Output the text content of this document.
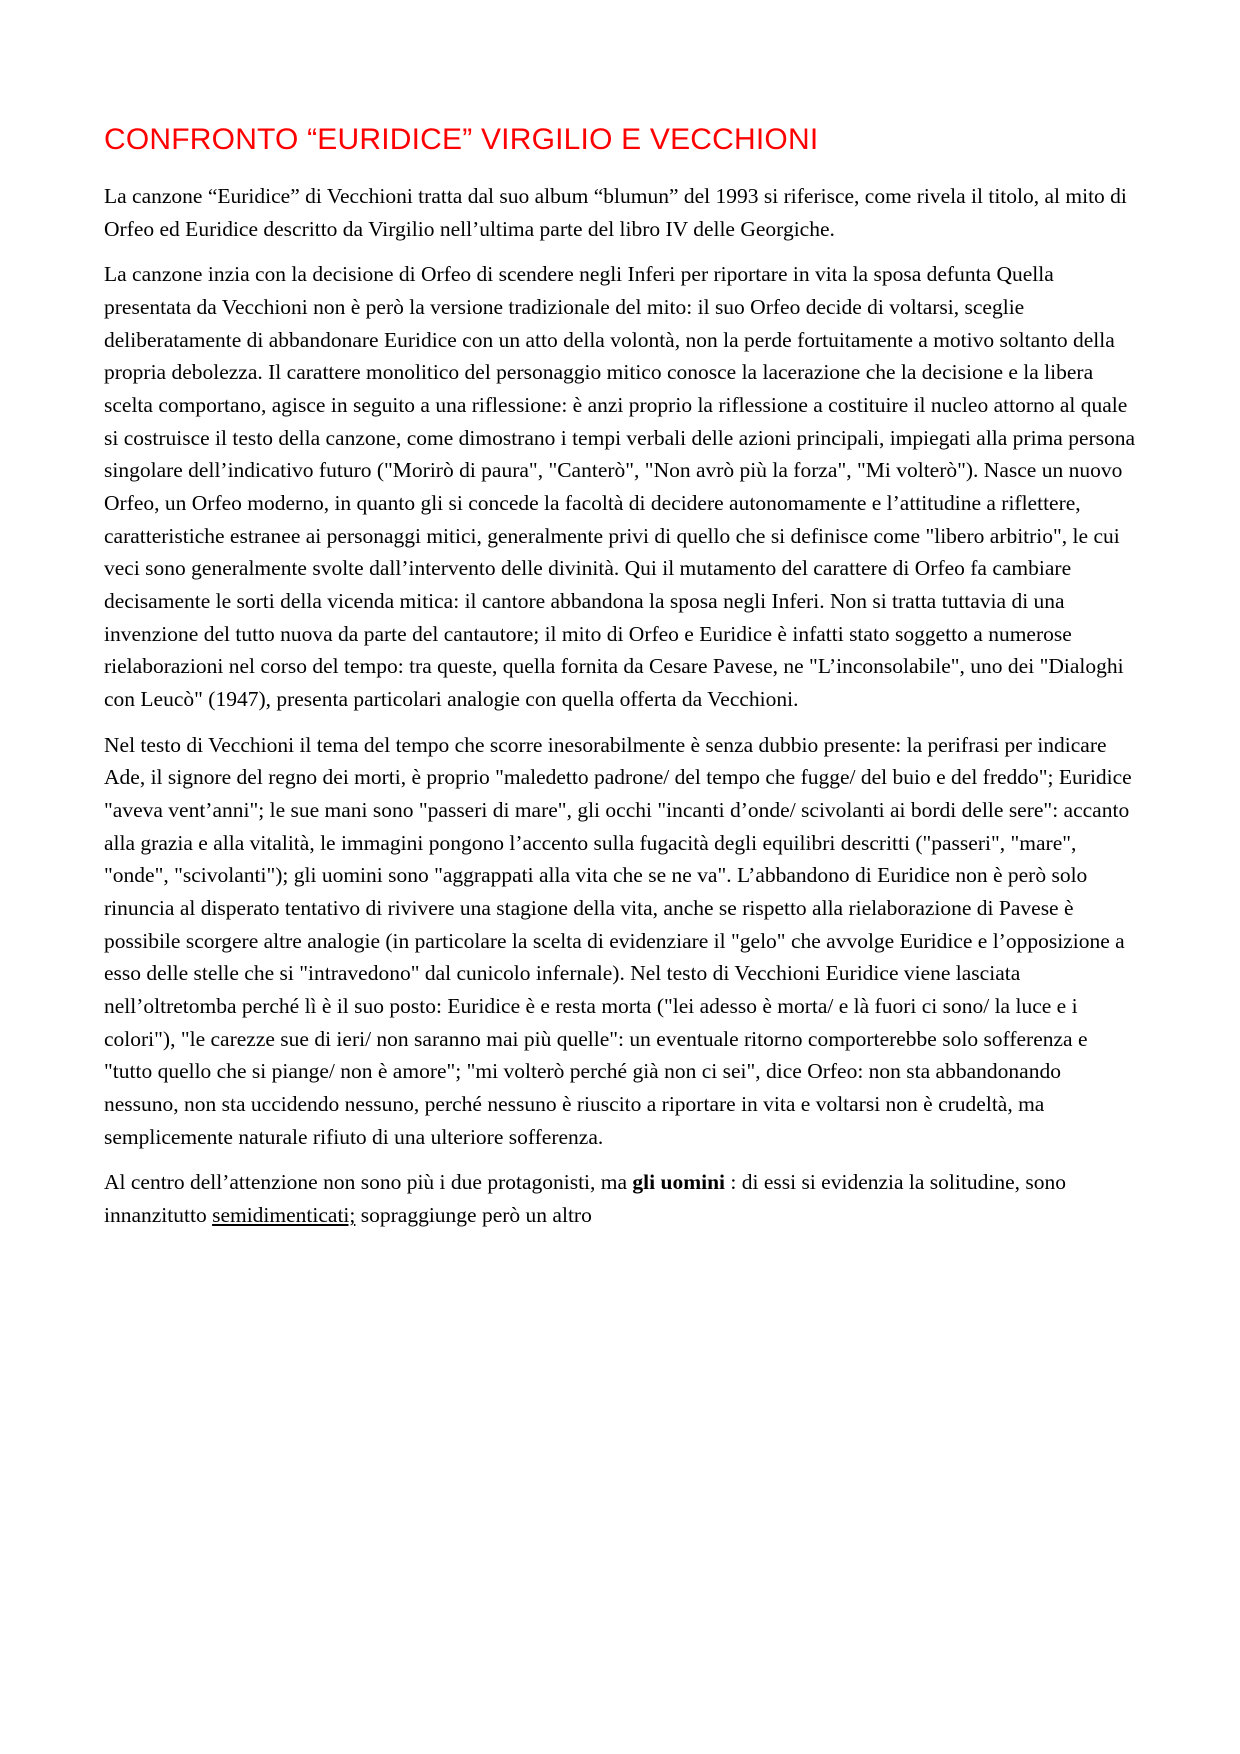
CONFRONTO “EURIDICE” VIRGILIO E VECCHIONI

La canzone “Euridice” di Vecchioni tratta dal suo album “blumun” del 1993 si riferisce, come rivela il titolo, al mito di Orfeo ed Euridice descritto da Virgilio nell’ultima parte del libro IV delle Georgiche.

La canzone inzia con la decisione di Orfeo di scendere negli Inferi per riportare in vita la sposa defunta Quella presentata da Vecchioni non è però la versione tradizionale del mito: il suo Orfeo decide di voltarsi, sceglie deliberatamente di abbandonare Euridice con un atto della volontà, non la perde fortuitamente a motivo soltanto della propria debolezza. Il carattere monolitico del personaggio mitico conosce la lacerazione che la decisione e la libera scelta comportano, agisce in seguito a una riflessione: è anzi proprio la riflessione a costituire il nucleo attorno al quale si costruisce il testo della canzone, come dimostrano i tempi verbali delle azioni principali, impiegati alla prima persona singolare dell’indicativo futuro ("Morirò di paura", "Canterò", "Non avrò più la forza", "Mi volterò"). Nasce un nuovo Orfeo, un Orfeo moderno, in quanto gli si concede la facoltà di decidere autonomamente e l’attitudine a riflettere, caratteristiche estranee ai personaggi mitici, generalmente privi di quello che si definisce come "libero arbitrio", le cui veci sono generalmente svolte dall’intervento delle divinità. Qui il mutamento del carattere di Orfeo fa cambiare decisamente le sorti della vicenda mitica: il cantore abbandona la sposa negli Inferi. Non si tratta tuttavia di una invenzione del tutto nuova da parte del cantautore; il mito di Orfeo e Euridice è infatti stato soggetto a numerose rielaborazioni nel corso del tempo: tra queste, quella fornita da Cesare Pavese, ne "L’inconsolabile", uno dei "Dialoghi con Leucò" (1947), presenta particolari analogie con quella offerta da Vecchioni.

Nel testo di Vecchioni il tema del tempo che scorre inesorabilmente è senza dubbio presente: la perifrasi per indicare Ade, il signore del regno dei morti, è proprio "maledetto padrone/ del tempo che fugge/ del buio e del freddo"; Euridice "aveva vent’anni"; le sue mani sono "passeri di mare", gli occhi "incanti d’onde/ scivolanti ai bordi delle sere": accanto alla grazia e alla vitalità, le immagini pongono l’accento sulla fugacità degli equilibri descritti ("passeri", "mare", "onde", "scivolanti"); gli uomini sono "aggrappati alla vita che se ne va". L’abbandono di Euridice non è però solo rinuncia al disperato tentativo di rivivere una stagione della vita, anche se rispetto alla rielaborazione di Pavese è possibile scorgere altre analogie (in particolare la scelta di evidenziare il "gelo" che avvolge Euridice e l’opposizione a esso delle stelle che si "intravedono" dal cunicolo infernale). Nel testo di Vecchioni Euridice viene lasciata nell’oltretomba perché lì è il suo posto: Euridice è e resta morta ("lei adesso è morta/ e là fuori ci sono/ la luce e i colori"), "le carezze sue di ieri/ non saranno mai più quelle": un eventuale ritorno comporterebbe solo sofferenza e "tutto quello che si piange/ non è amore"; "mi volterò perché già non ci sei", dice Orfeo: non sta abbandonando nessuno, non sta uccidendo nessuno, perché nessuno è riuscito a riportare in vita e voltarsi non è crudeltà, ma semplicemente naturale rifiuto di una ulteriore sofferenza.

Al centro dell’attenzione non sono più i due protagonisti, ma gli uomini : di essi si evidenzia la solitudine, sono innanzitutto semidimenticati; sopraggiunge però un altro
